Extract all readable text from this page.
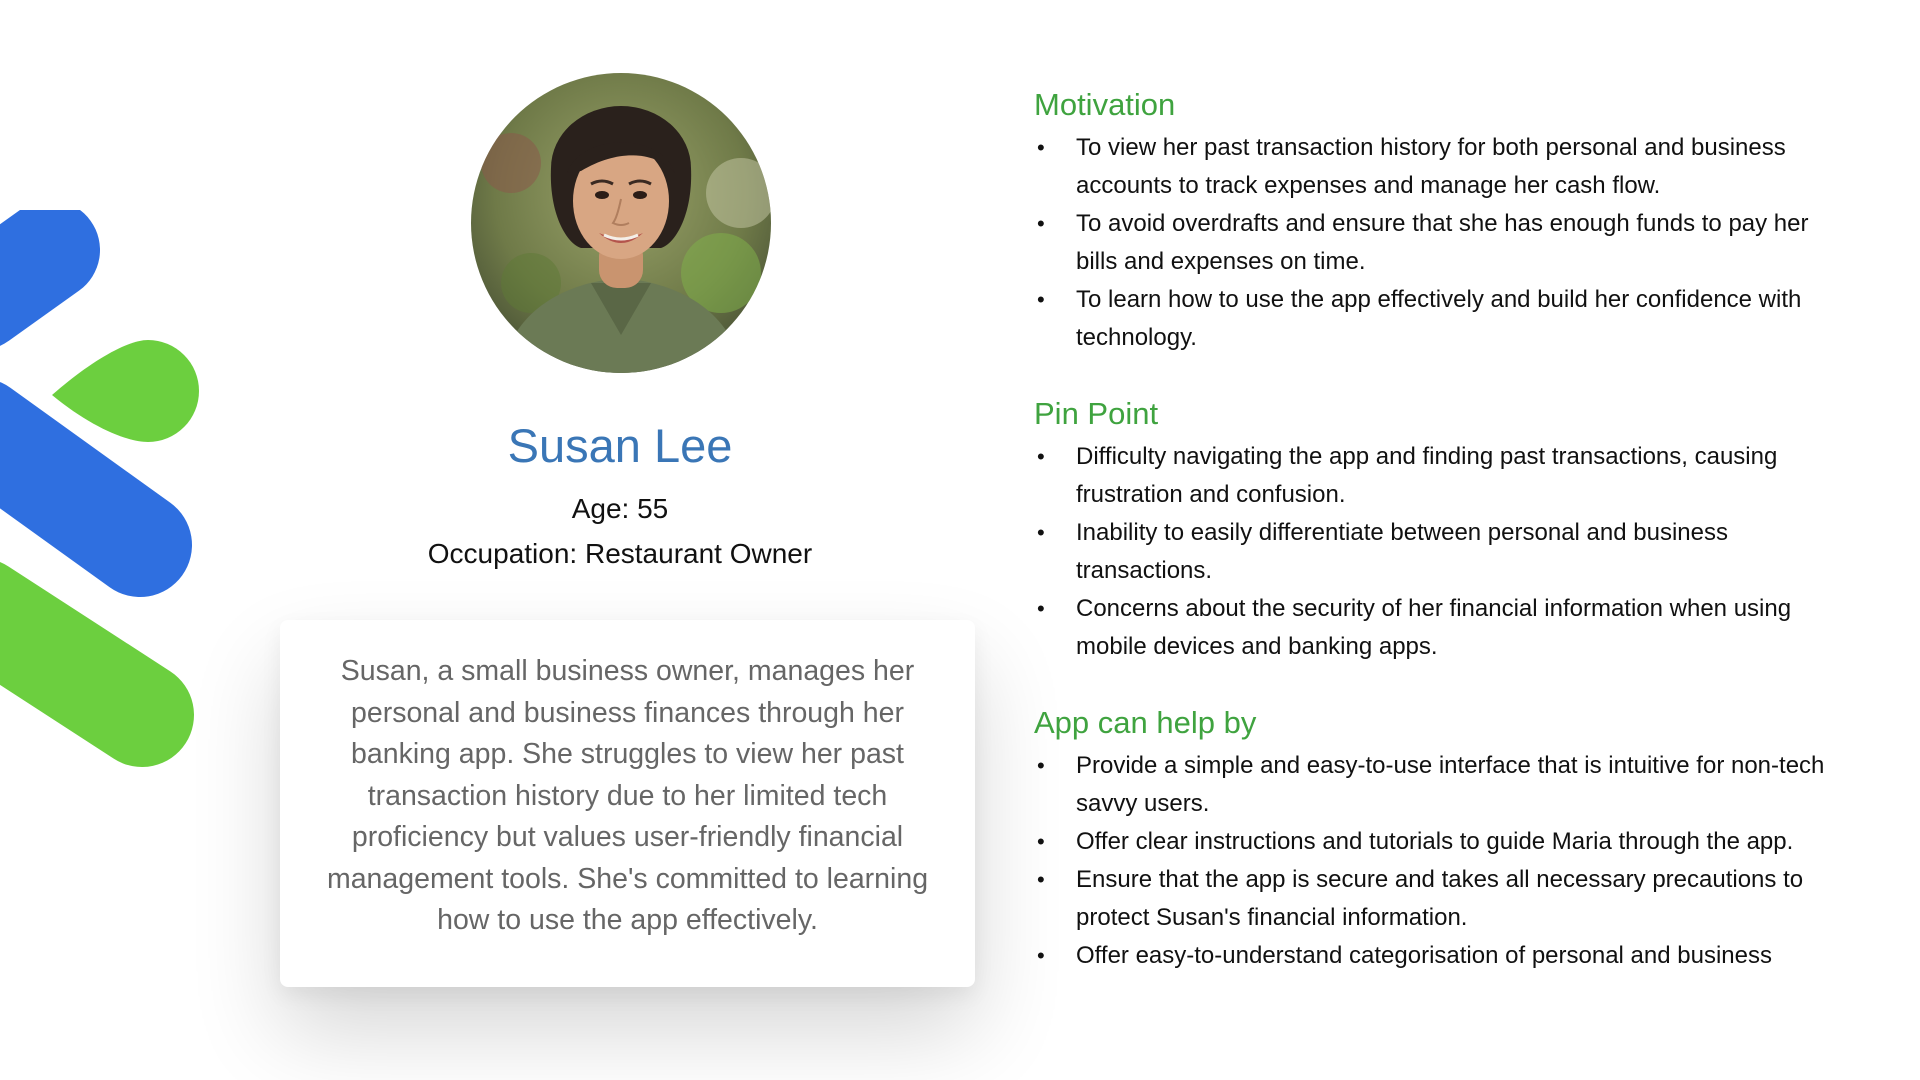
Susan Lee
Age: 55
Occupation: Restaurant Owner

Susan, a small business owner, manages her personal and business finances through her banking app. She struggles to view her past transaction history due to her limited tech proficiency but values user-friendly financial management tools. She's committed to learning how to use the app effectively.

Motivation
• To view her past transaction history for both personal and business accounts to track expenses and manage her cash flow.
• To avoid overdrafts and ensure that she has enough funds to pay her bills and expenses on time.
• To learn how to use the app effectively and build her confidence with technology.
Pin Point
• Difficulty navigating the app and finding past transactions, causing frustration and confusion.
• Inability to easily differentiate between personal and business transactions.
• Concerns about the security of her financial information when using mobile devices and banking apps.
App can help by
• Provide a simple and easy-to-use interface that is intuitive for non-tech savvy users.
• Offer clear instructions and tutorials to guide Maria through the app.
• Ensure that the app is secure and takes all necessary precautions to protect Susan's financial information.
• Offer easy-to-understand categorisation of personal and business
